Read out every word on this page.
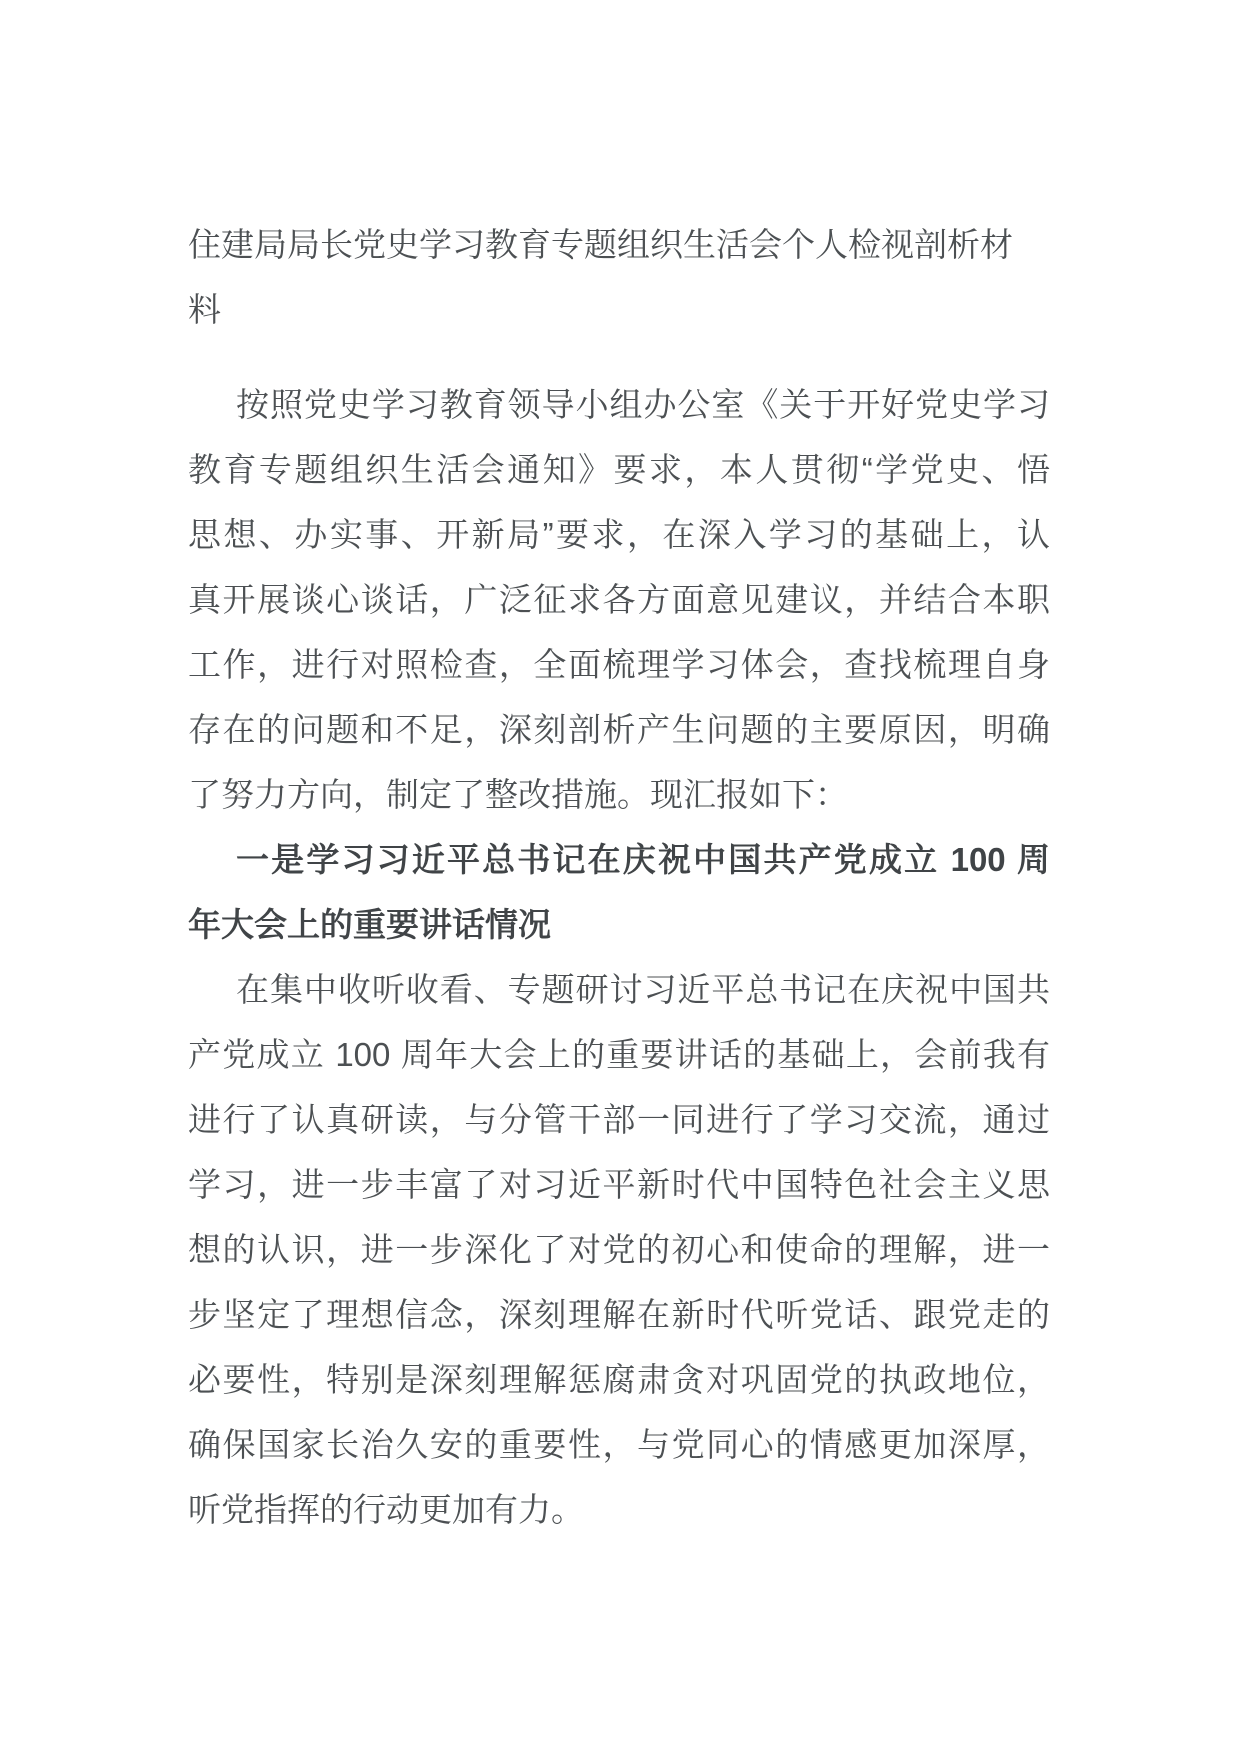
住建局局长党史学习教育专题组织生活会个人检视剖析材
料
按照党史学习教育领导小组办公室《关于开好党史学习
教育专题组织生活会通知》要求，本人贯彻“学党史、悟
思想、办实事、开新局”要求，在深入学习的基础上，认
真开展谈心谈话，广泛征求各方面意见建议，并结合本职
工作，进行对照检查，全面梳理学习体会，查找梳理自身
存在的问题和不足，深刻剖析产生问题的主要原因，明确
了努力方向，制定了整改措施。现汇报如下：
一是学习习近平总书记在庆祝中国共产党成立 100 周
年大会上的重要讲话情况
在集中收听收看、专题研讨习近平总书记在庆祝中国共
产党成立 100 周年大会上的重要讲话的基础上，会前我有
进行了认真研读，与分管干部一同进行了学习交流，通过
学习，进一步丰富了对习近平新时代中国特色社会主义思
想的认识，进一步深化了对党的初心和使命的理解，进一
步坚定了理想信念，深刻理解在新时代听党话、跟党走的
必要性，特别是深刻理解惩腐肃贪对巩固党的执政地位，
确保国家长治久安的重要性，与党同心的情感更加深厚，
听党指挥的行动更加有力。
